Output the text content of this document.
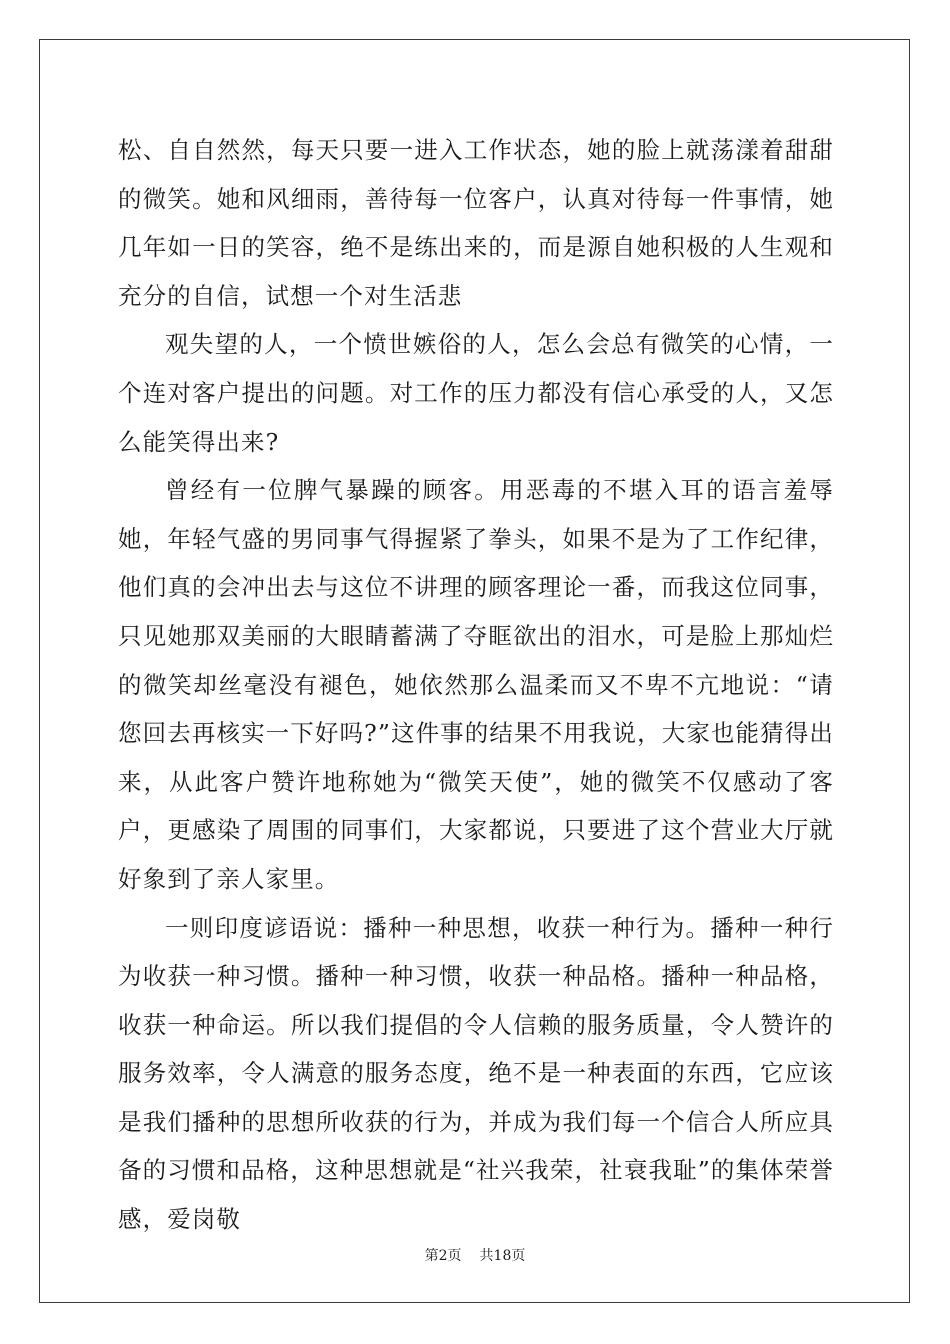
松、自自然然，每天只要一进入工作状态，她的脸上就荡漾着甜甜的微笑。她和风细雨，善待每一位客户，认真对待每一件事情，她几年如一日的笑容，绝不是练出来的，而是源自她积极的人生观和充分的自信，试想一个对生活悲

观失望的人，一个愤世嫉俗的人，怎么会总有微笑的心情，一个连对客户提出的问题。对工作的压力都没有信心承受的人，又怎么能笑得出来?

曾经有一位脾气暴躁的顾客。用恶毒的不堪入耳的语言羞辱她，年轻气盛的男同事气得握紧了拳头，如果不是为了工作纪律，他们真的会冲出去与这位不讲理的顾客理论一番，而我这位同事，只见她那双美丽的大眼睛蓄满了夺眶欲出的泪水，可是脸上那灿烂的微笑却丝毫没有褪色，她依然那么温柔而又不卑不亢地说：“请您回去再核实一下好吗?”这件事的结果不用我说，大家也能猜得出来，从此客户赞许地称她为“微笑天使”，她的微笑不仅感动了客户，更感染了周围的同事们，大家都说，只要进了这个营业大厅就好象到了亲人家里。

一则印度谚语说：播种一种思想，收获一种行为。播种一种行为收获一种习惯。播种一种习惯，收获一种品格。播种一种品格，收获一种命运。所以我们提倡的令人信赖的服务质量，令人赞许的服务效率，令人满意的服务态度，绝不是一种表面的东西，它应该是我们播种的思想所收获的行为，并成为我们每一个信合人所应具备的习惯和品格，这种思想就是“社兴我荣，社衰我耻”的集体荣誉感，爱岗敬

第2页 共18页
